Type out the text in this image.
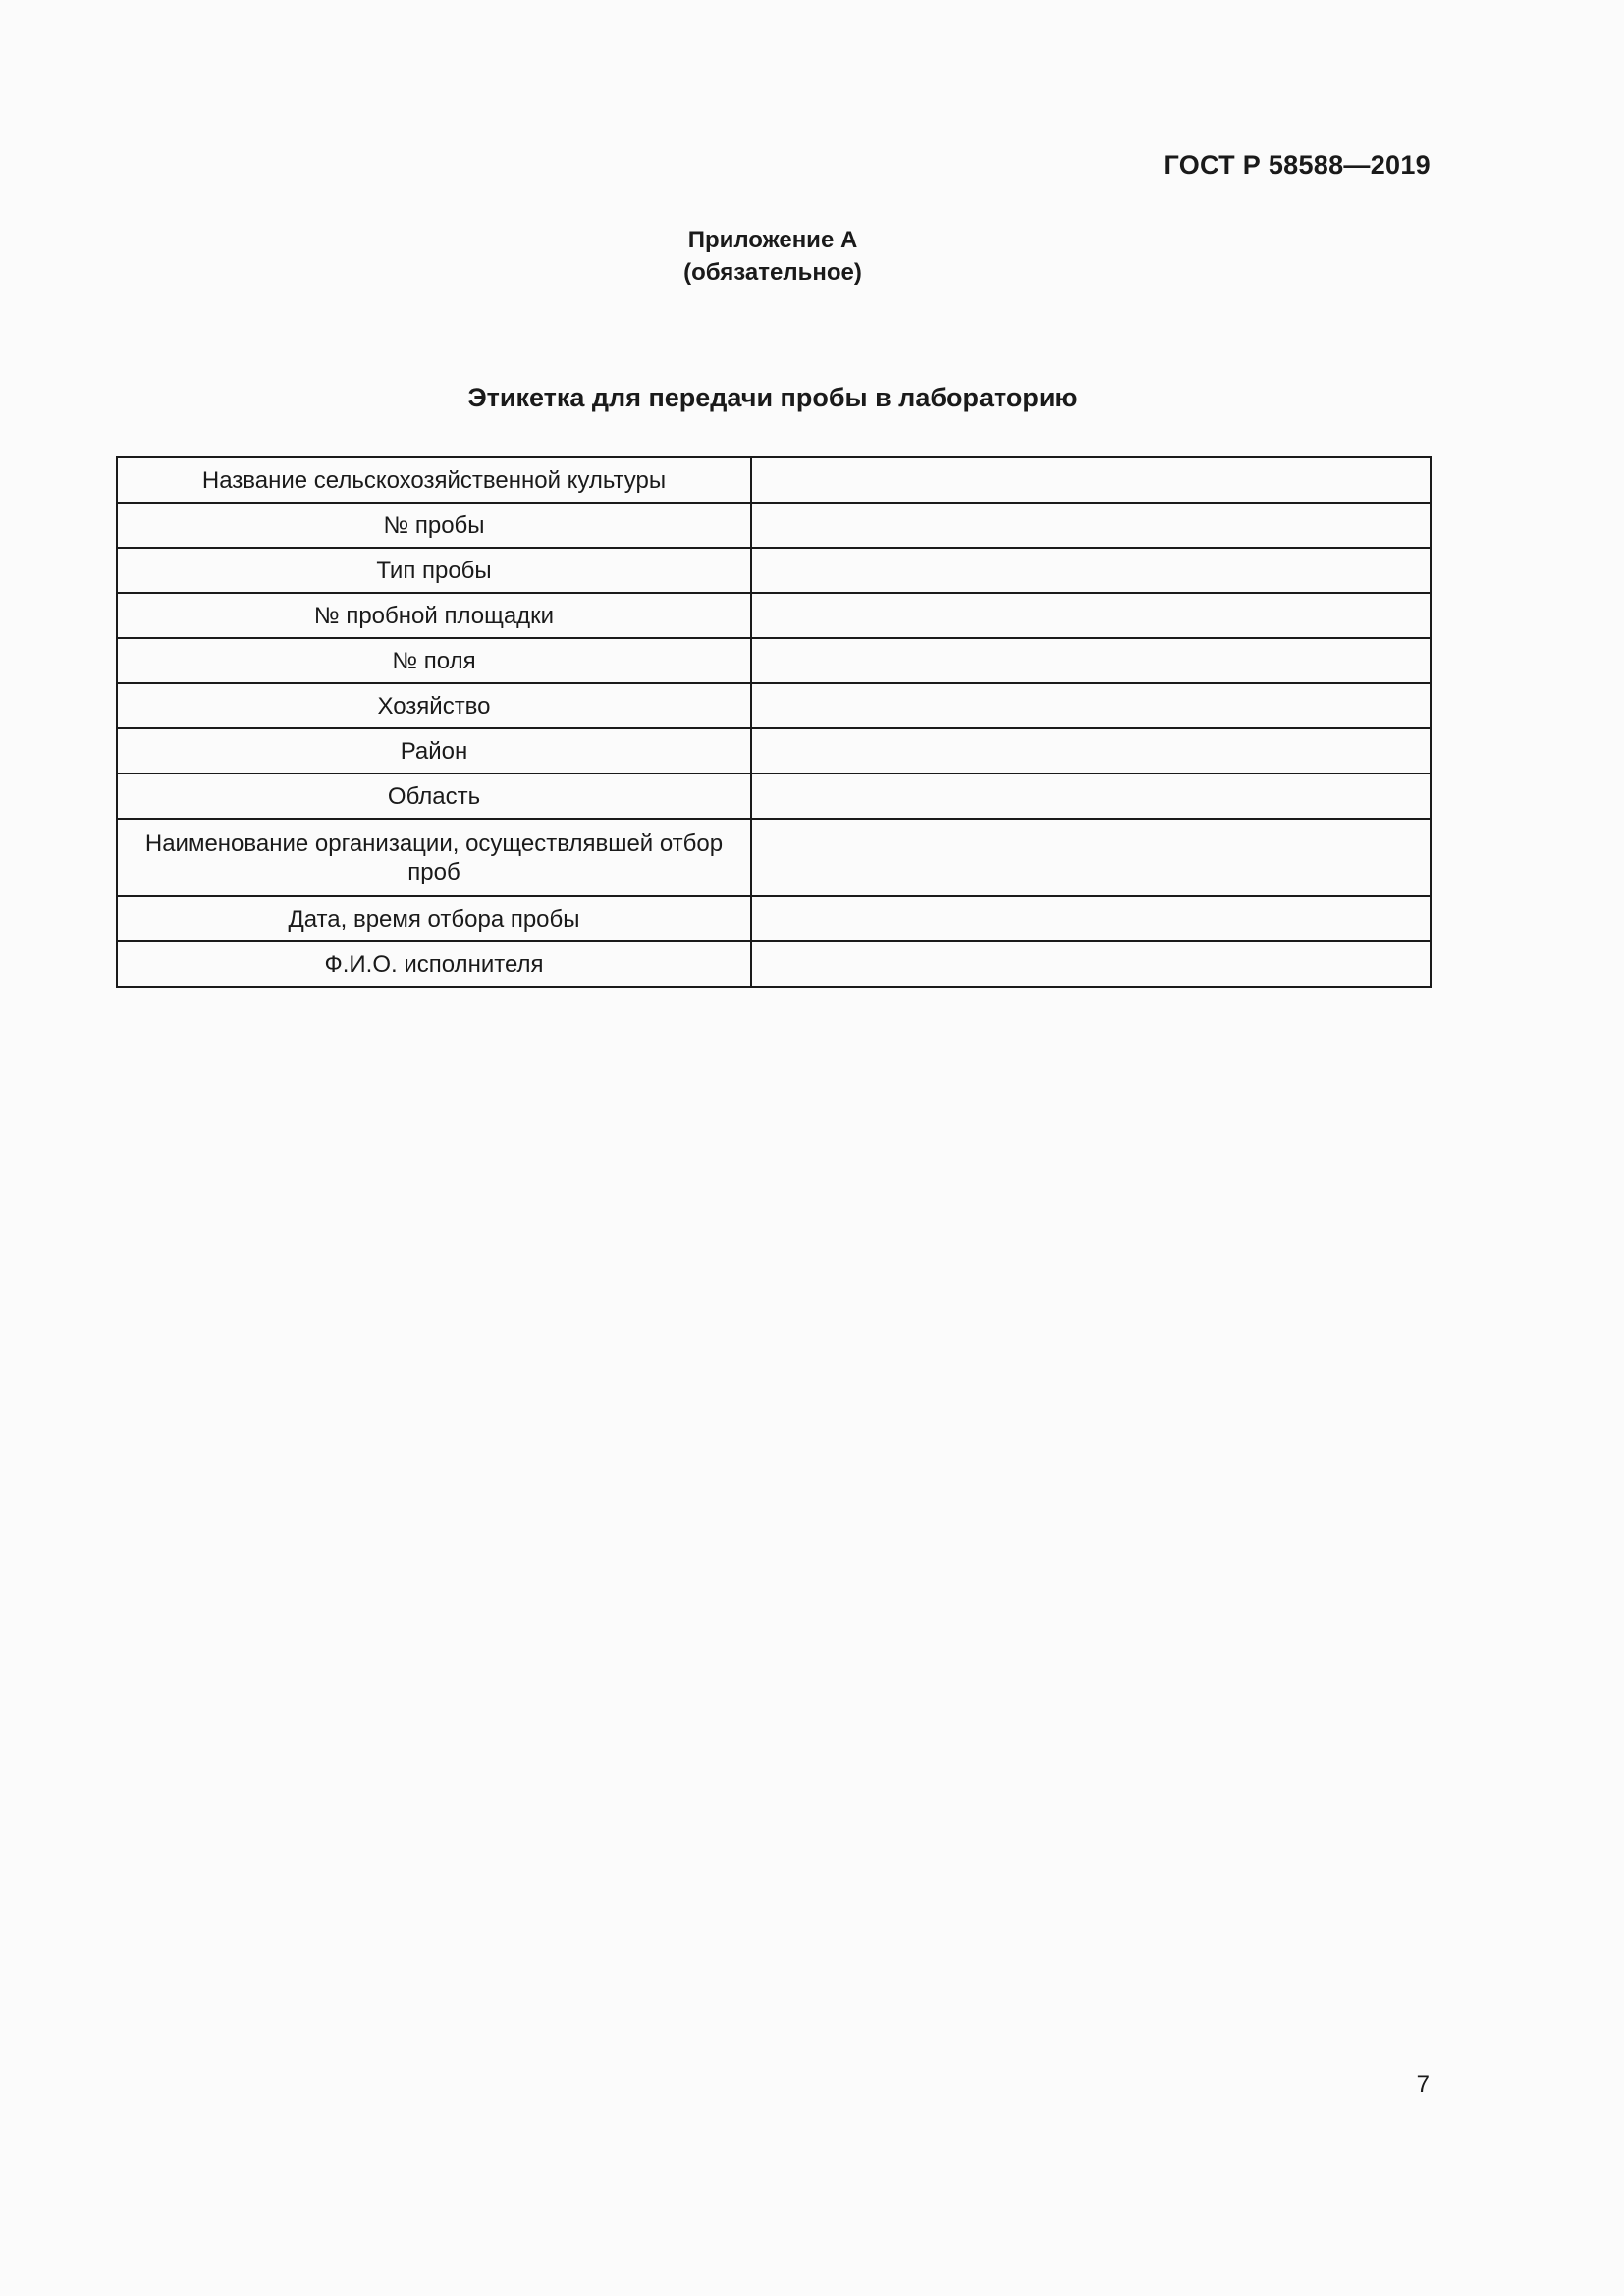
ГОСТ Р 58588—2019
Приложение А
(обязательное)
Этикетка для передачи пробы в лабораторию
Название сельскохозяйственной культуры	
№ пробы	
Тип пробы	
№ пробной площадки	
№ поля	
Хозяйство	
Район	
Область	
Наименование организации, осуществлявшей отбор проб	
Дата, время отбора пробы	
Ф.И.О. исполнителя	
7
